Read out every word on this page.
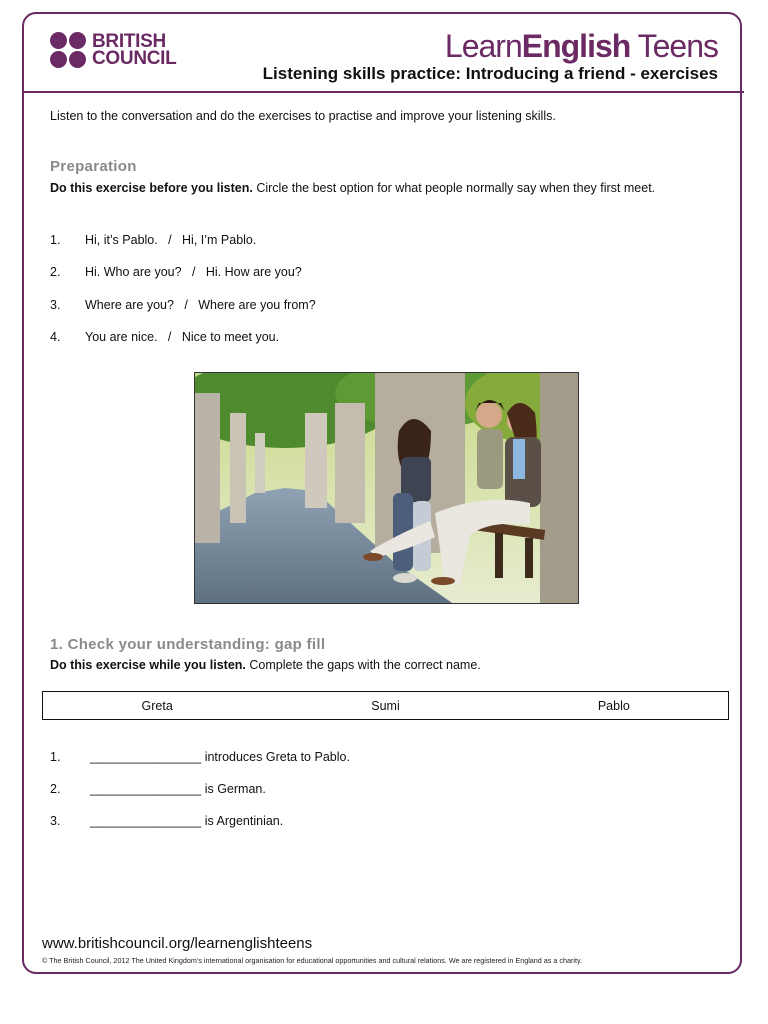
BRITISH
COUNCIL	LearnEnglish Teens
Listening skills practice: Introducing a friend - exercises
Listen to the conversation and do the exercises to practise and improve your listening skills.
Preparation
Do this exercise before you listen. Circle the best option for what people normally say when they first meet.
1. Hi, it’s Pablo.   /   Hi, I’m Pablo.
2. Hi. Who are you?   /   Hi. How are you?
3. Where are you?   /   Where are you from?
4. You are nice.   /   Nice to meet you.
1. Check your understanding: gap fill
Do this exercise while you listen. Complete the gaps with the correct name.
Greta	Sumi	Pablo
1. ________________ introduces Greta to Pablo.
2. ________________ is German.
3. ________________ is Argentinian.
www.britishcouncil.org/learnenglishteens
© The British Council, 2012 The United Kingdom’s international organisation for educational opportunities and cultural relations. We are registered in England as a charity.
